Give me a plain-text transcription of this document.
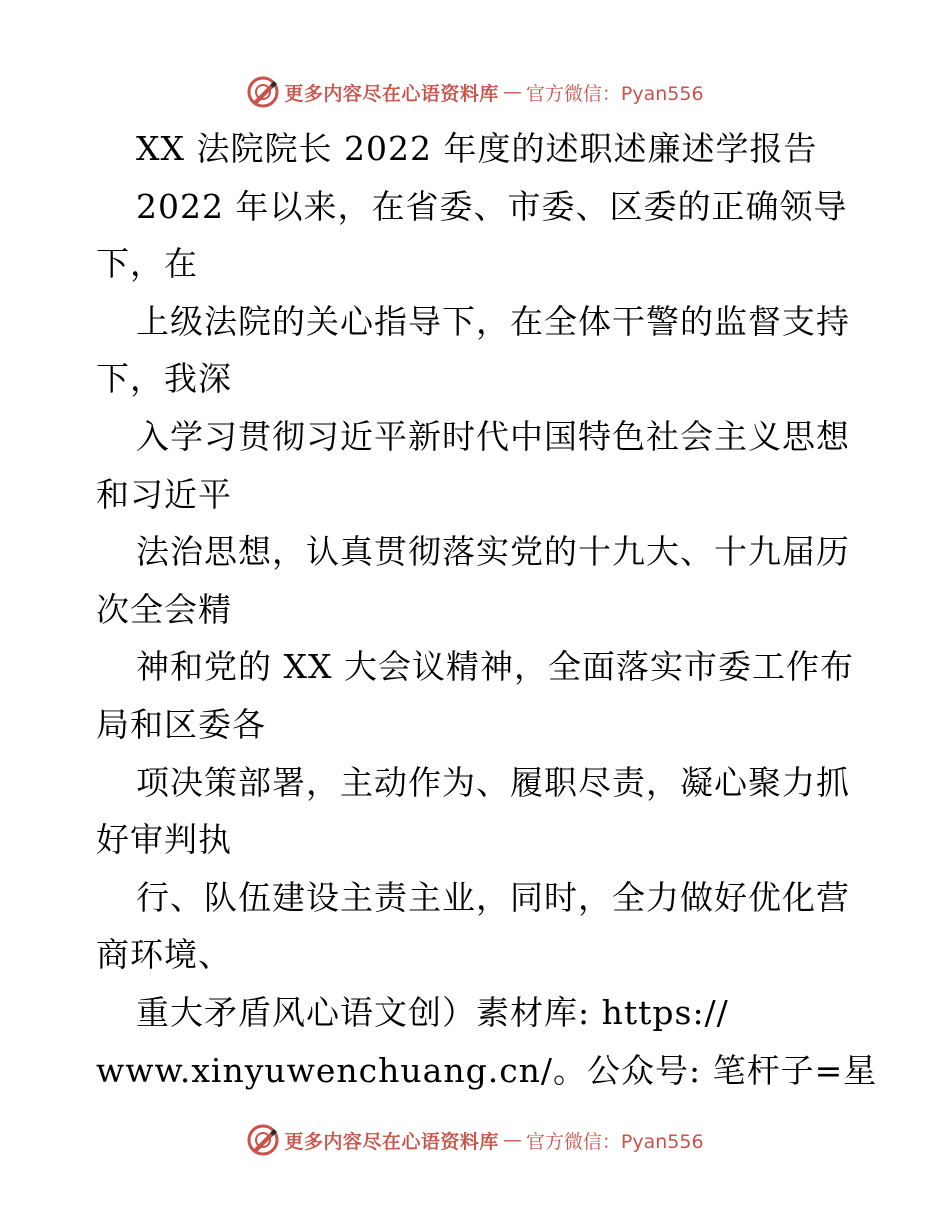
更多内容尽在心语资料库 — 官方微信：Pyan556
XX 法院院长 2022 年度的述职述廉述学报告
2022 年以来，在省委、市委、区委的正确领导
下，在
上级法院的关心指导下，在全体干警的监督支持
下，我深
入学习贯彻习近平新时代中国特色社会主义思想
和习近平
法治思想，认真贯彻落实党的十九大、十九届历
次全会精
神和党的 XX 大会议精神，全面落实市委工作布
局和区委各
项决策部署，主动作为、履职尽责，凝心聚力抓
好审判执
行、队伍建设主责主业，同时，全力做好优化营
商环境、
重大矛盾风心语文创）素材库: https://
www.xinyuwenchuang.cn/。公众号: 笔杆子=星
更多内容尽在心语资料库 — 官方微信：Pyan556
